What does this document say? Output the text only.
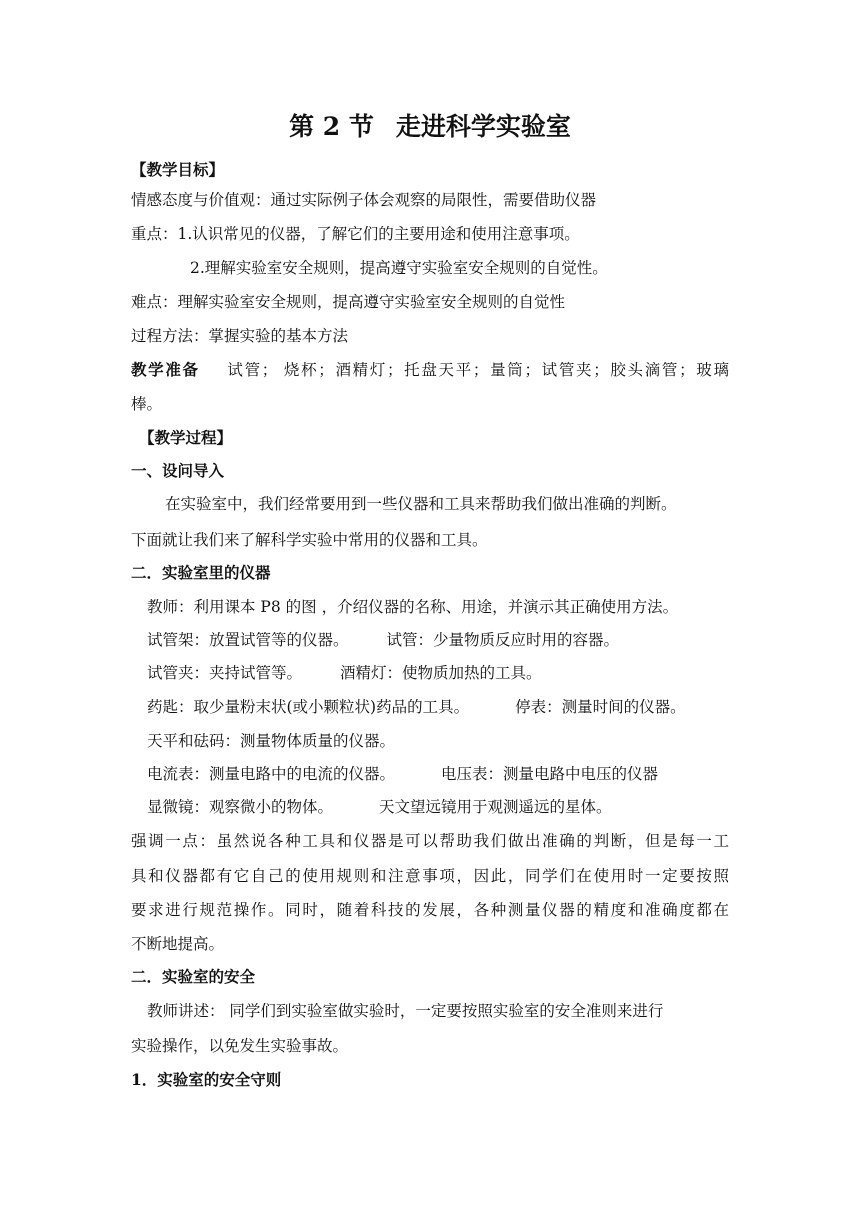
第 2 节 走进科学实验室
【教学目标】
情感态度与价值观：通过实际例子体会观察的局限性，需要借助仪器
重点：1.认识常见的仪器，了解它们的主要用途和使用注意事项。
2.理解实验室安全规则，提高遵守实验室安全规则的自觉性。
难点：理解实验室安全规则，提高遵守实验室安全规则的自觉性
过程方法：掌握实验的基本方法
教学准备 试管； 烧杯；酒精灯；托盘天平；量筒；试管夹；胶头滴管；玻璃
棒。
【教学过程】
一、设问导入
在实验室中，我们经常要用到一些仪器和工具来帮助我们做出准确的判断。
下面就让我们来了解科学实验中常用的仪器和工具。
二．实验室里的仪器
教师：利用课本 P8 的图 ，介绍仪器的名称、用途，并演示其正确使用方法。
试管架：放置试管等的仪器。 试管：少量物质反应时用的容器。
试管夹：夹持试管等。 酒精灯：使物质加热的工具。
药匙：取少量粉末状(或小颗粒状)药品的工具。	停表：测量时间的仪器。
天平和砝码：测量物体质量的仪器。
电流表：测量电路中的电流的仪器。	电压表：测量电路中电压的仪器
显微镜：观察微小的物体。	天文望远镜用于观测遥远的星体。
强调一点：虽然说各种工具和仪器是可以帮助我们做出准确的判断，但是每一工
具和仪器都有它自己的使用规则和注意事项，因此，同学们在使用时一定要按照
要求进行规范操作。同时，随着科技的发展，各种测量仪器的精度和准确度都在
不断地提高。
二．实验室的安全
教师讲述： 同学们到实验室做实验时，一定要按照实验室的安全准则来进行
实验操作，以免发生实验事故。
1．实验室的安全守则
